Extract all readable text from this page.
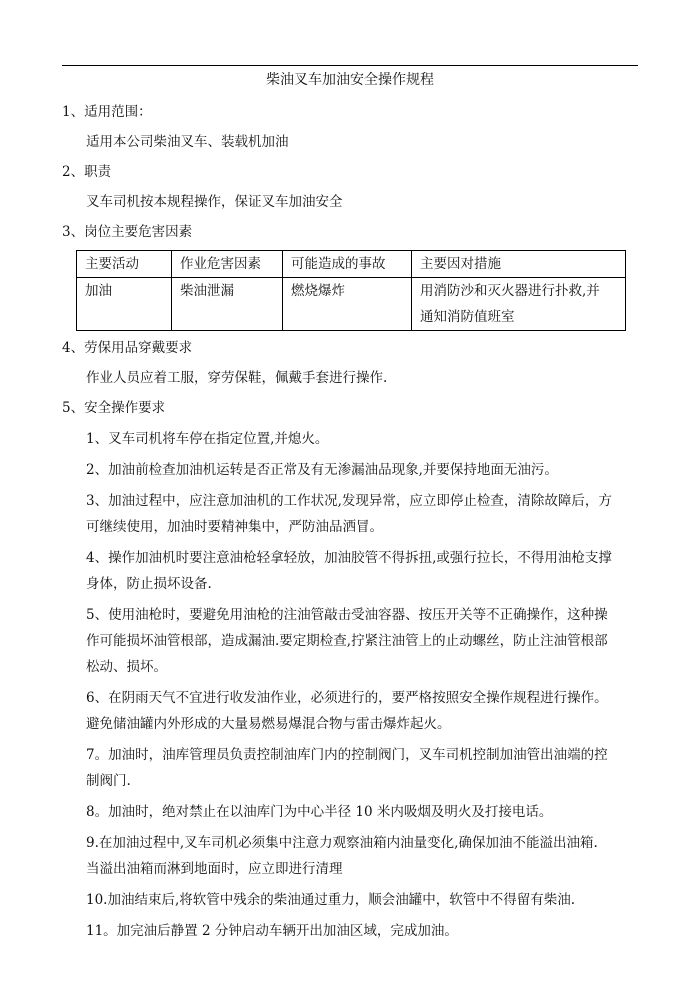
柴油叉车加油安全操作规程
1、适用范围：
适用本公司柴油叉车、装载机加油
2、职责
叉车司机按本规程操作，保证叉车加油安全
3、岗位主要危害因素
主要活动	作业危害因素	可能造成的事故	主要因对措施
加油	柴油泄漏	燃烧爆炸	用消防沙和灭火器进行扑救,并
通知消防值班室
4、劳保用品穿戴要求
作业人员应着工服，穿劳保鞋，佩戴手套进行操作.
5、安全操作要求
1、叉车司机将车停在指定位置,并熄火。
2、加油前检查加油机运转是否正常及有无渗漏油品现象,并要保持地面无油污。
3、加油过程中，应注意加油机的工作状况,发现异常，应立即停止检查，清除故障后，方
可继续使用，加油时要精神集中，严防油品洒冒。
4、操作加油机时要注意油枪轻拿轻放，加油胶管不得拆扭,或强行拉长，不得用油枪支撑
身体，防止损坏设备.
5、使用油枪时，要避免用油枪的注油管敲击受油容器、按压开关等不正确操作，这种操
作可能损坏油管根部，造成漏油.要定期检查,拧紧注油管上的止动螺丝，防止注油管根部
松动、损坏。
6、在阴雨天气不宜进行收发油作业，必须进行的，要严格按照安全操作规程进行操作。
避免储油罐内外形成的大量易燃易爆混合物与雷击爆炸起火。
7。加油时，油库管理员负责控制油库门内的控制阀门，叉车司机控制加油管出油端的控
制阀门.
8。加油时，绝对禁止在以油库门为中心半径 10 米内吸烟及明火及打接电话。
9.在加油过程中,叉车司机必须集中注意力观察油箱内油量变化,确保加油不能溢出油箱.
当溢出油箱而淋到地面时，应立即进行清理
10.加油结束后,将软管中残余的柴油通过重力，顺会油罐中，软管中不得留有柴油.
11。加完油后静置 2 分钟启动车辆开出加油区域，完成加油。
